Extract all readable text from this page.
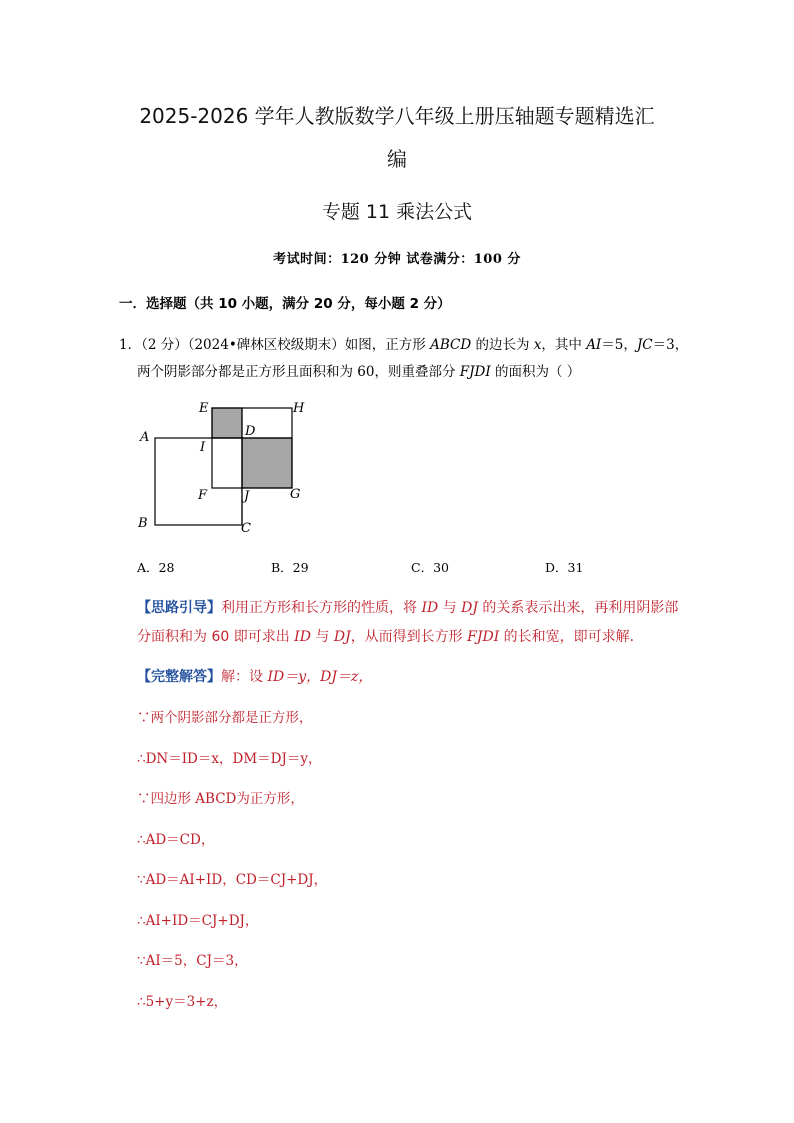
2025-2026 学年人教版数学八年级上册压轴题专题精选汇
编
专题 11 乘法公式
考试时间：120 分钟 试卷满分：100 分
一．选择题（共 10 小题，满分 20 分，每小题 2 分）
1．（2 分）（2024•碑林区校级期末）如图，正方形 ABCD 的边长为 x，其中 AI＝5，JC＝3，
两个阴影部分都是正方形且面积和为 60，则重叠部分 FJDI 的面积为（ ）
E	H
A	D
I
F	J	G
B	C
A．28	B．29	C．30	D．31
【思路引导】利用正方形和长方形的性质，将 ID 与 DJ 的关系表示出来，再利用阴影部
分面积和为 60 即可求出 ID 与 DJ，从而得到长方形 FJDI 的长和宽，即可求解．
【完整解答】解：设 ID＝y，DJ＝z，
∵两个阴影部分都是正方形，
∴DN＝ID＝x，DM＝DJ＝y，
∵四边形 ABCD为正方形，
∴AD＝CD，
∵AD＝AI+ID，CD＝CJ+DJ，
∴AI+ID＝CJ+DJ，
∵AI＝5，CJ＝3，
∴5+y＝3+z，
